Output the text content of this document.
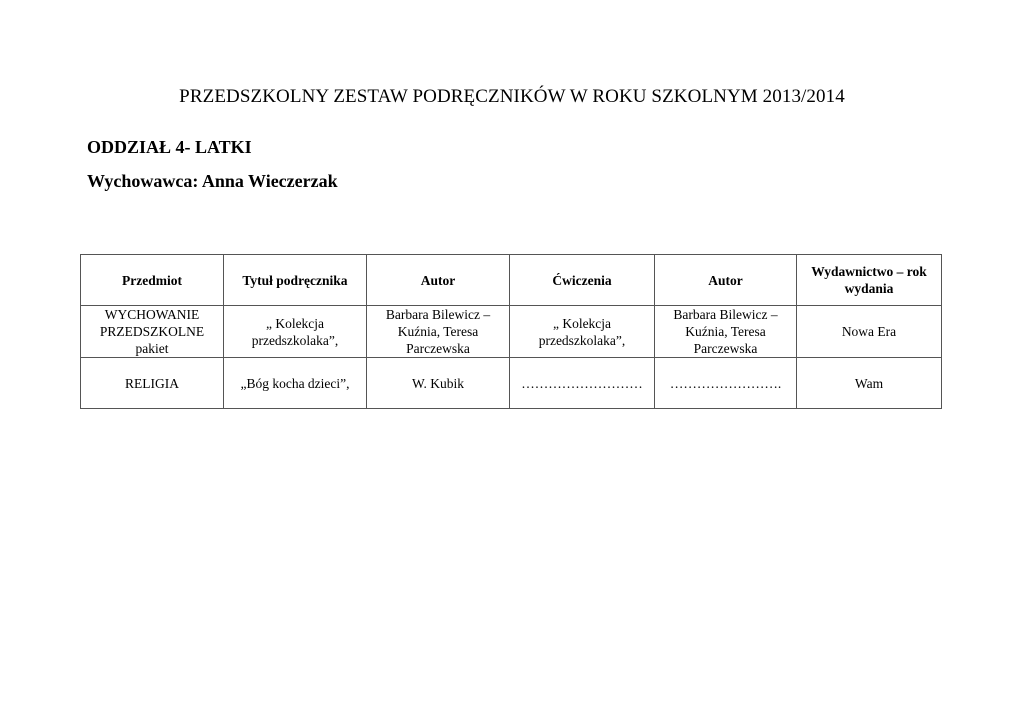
PRZEDSZKOLNY ZESTAW PODRĘCZNIKÓW W ROKU SZKOLNYM 2013/2014
ODDZIAŁ 4- LATKI
Wychowawca: Anna Wieczerzak
Przedmiot	Tytuł podręcznika	Autor	Ćwiczenia	Autor	Wydawnictwo – rok wydania
WYCHOWANIE PRZEDSZKOLNE pakiet	„ Kolekcja przedszkolaka”,	Barbara Bilewicz – Kuźnia, Teresa Parczewska	„ Kolekcja przedszkolaka”,	Barbara Bilewicz – Kuźnia, Teresa Parczewska	Nowa Era
RELIGIA	„Bóg kocha dzieci”,	W. Kubik	………………………	…………………….	Wam
